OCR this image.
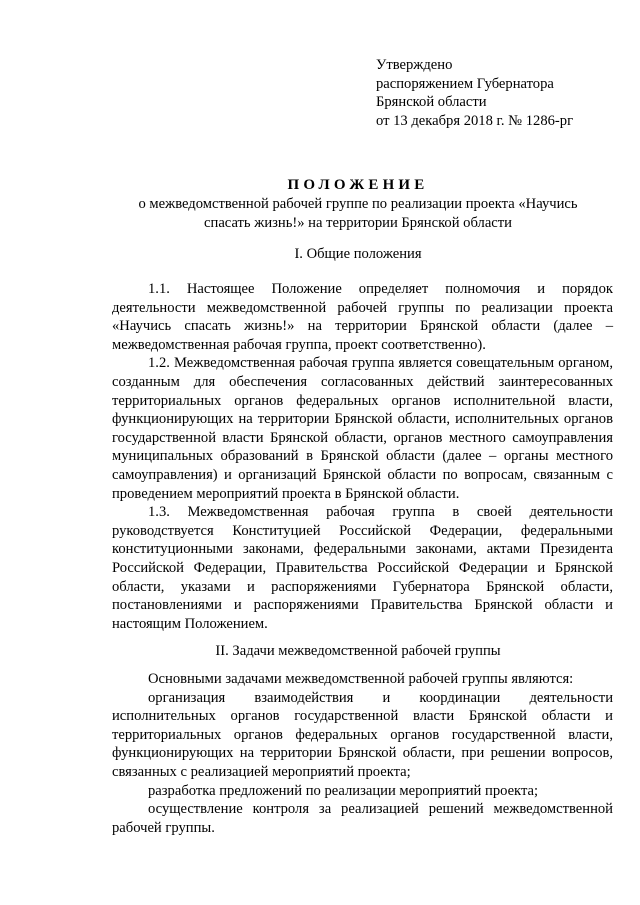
Утверждено
распоряжением Губернатора
Брянской области
от 13 декабря 2018 г. № 1286-рг
ПОЛОЖЕНИЕ
о межведомственной рабочей группе по реализации проекта «Научись
спасать жизнь!» на территории Брянской области
I. Общие положения

1.1. Настоящее Положение определяет полномочия и порядок деятельности межведомственной рабочей группы по реализации проекта «Научись спасать жизнь!» на территории Брянской области (далее – межведомственная рабочая группа, проект соответственно).

1.2. Межведомственная рабочая группа является совещательным органом, созданным для обеспечения согласованных действий заинтересованных территориальных органов федеральных органов исполнительной власти, функционирующих на территории Брянской области, исполнительных органов государственной власти Брянской области, органов местного самоуправления муниципальных образований в Брянской области (далее – органы местного самоуправления) и организаций Брянской области по вопросам, связанным с проведением мероприятий проекта в Брянской области.

1.3. Межведомственная рабочая группа в своей деятельности руководствуется Конституцией Российской Федерации, федеральными конституционными законами, федеральными законами, актами Президента Российской Федерации, Правительства Российской Федерации и Брянской области, указами и распоряжениями Губернатора Брянской области, постановлениями и распоряжениями Правительства Брянской области и настоящим Положением.

II. Задачи межведомственной рабочей группы

Основными задачами межведомственной рабочей группы являются:

организация взаимодействия и координации деятельности исполнительных органов государственной власти Брянской области и территориальных органов федеральных органов государственной власти, функционирующих на территории Брянской области, при решении вопросов, связанных с реализацией мероприятий проекта;

разработка предложений по реализации мероприятий проекта;

осуществление контроля за реализацией решений межведомственной рабочей группы.
